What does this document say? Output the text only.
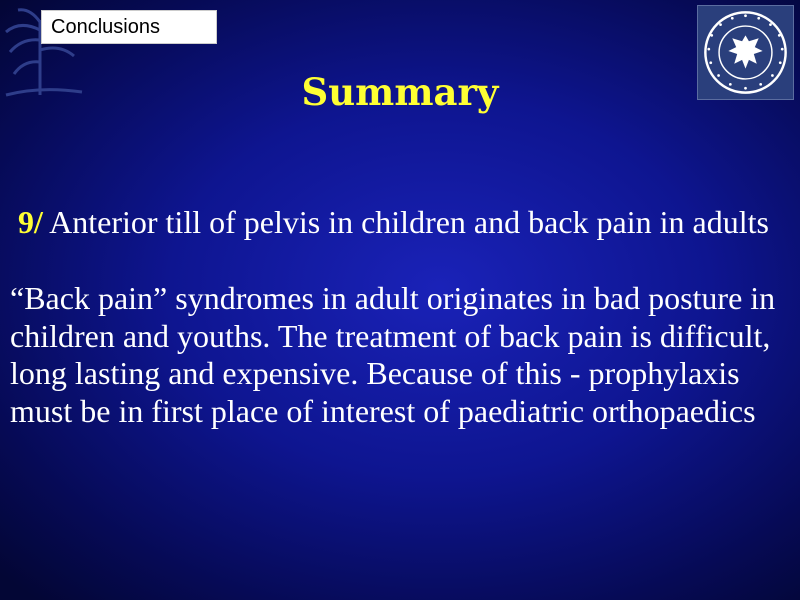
Conclusions
Summary

9/ Anterior till of pelvis in children and back pain in adults

“Back pain” syndromes in adult originates in bad posture in children and youths. The treatment of back pain is difficult, long lasting and expensive. Because of this - prophylaxis must be in first place of interest of paediatric orthopaedics
